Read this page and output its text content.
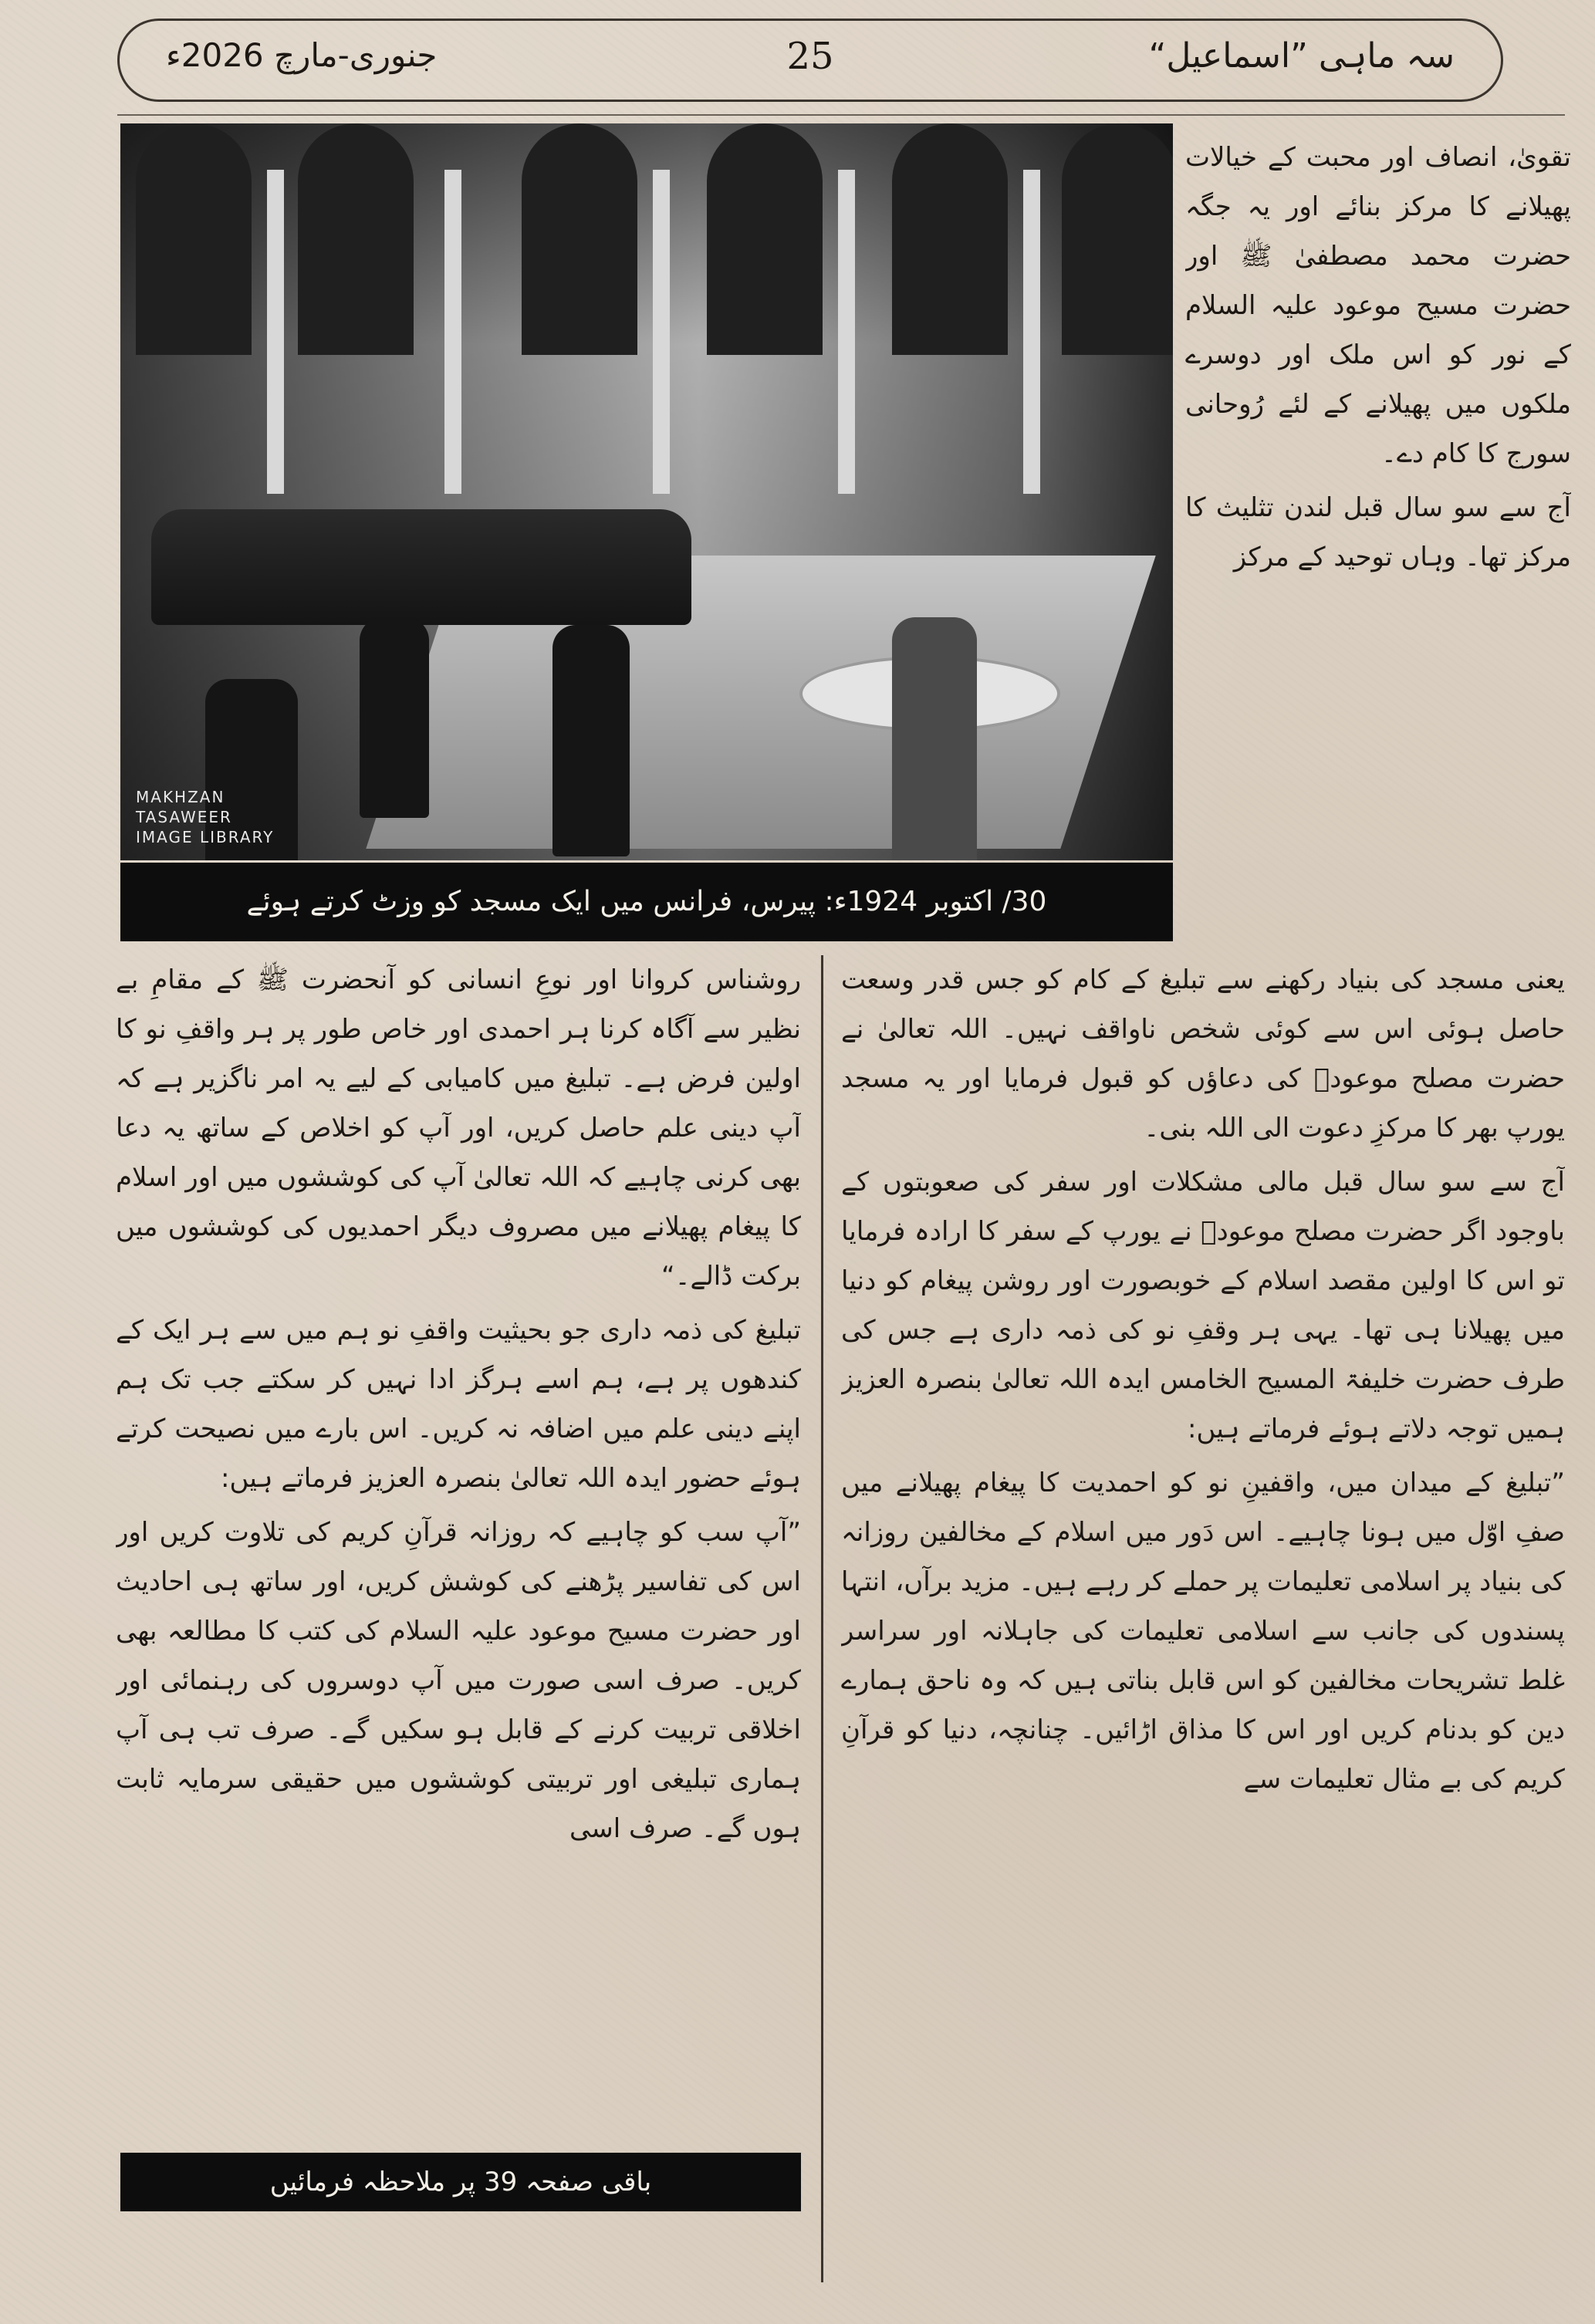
سہ ماہی ”اسماعیل“
25
جنوری-مارچ 2026ء
MAKHZAN
TASAWEER
IMAGE LIBRARY
30/ اکتوبر 1924ء: پیرس، فرانس میں ایک مسجد کو وزٹ کرتے ہوئے

تقویٰ، انصاف اور محبت کے خیالات پھیلانے کا مرکز بنائے اور یہ جگہ حضرت محمد مصطفیٰ ﷺ اور حضرت مسیح موعود علیہ السلام کے نور کو اس ملک اور دوسرے ملکوں میں پھیلانے کے لئے رُوحانی سورج کا کام دے۔

آج سے سو سال قبل لندن تثلیث کا مرکز تھا۔ وہاں توحید کے مرکز

یعنی مسجد کی بنیاد رکھنے سے تبلیغ کے کام کو جس قدر وسعت حاصل ہوئی اس سے کوئی شخص ناواقف نہیں۔ اللہ تعالیٰ نے حضرت مصلح موعودؓ کی دعاؤں کو قبول فرمایا اور یہ مسجد یورپ بھر کا مرکزِ دعوت الی اللہ بنی۔

آج سے سو سال قبل مالی مشکلات اور سفر کی صعوبتوں کے باوجود اگر حضرت مصلح موعودؓ نے یورپ کے سفر کا ارادہ فرمایا تو اس کا اولین مقصد اسلام کے خوبصورت اور روشن پیغام کو دنیا میں پھیلانا ہی تھا۔ یہی ہر وقفِ نو کی ذمہ داری ہے جس کی طرف حضرت خلیفۃ المسیح الخامس ایدہ اللہ تعالیٰ بنصرہ العزیز ہمیں توجہ دلاتے ہوئے فرماتے ہیں:

”تبلیغ کے میدان میں، واقفینِ نو کو احمدیت کا پیغام پھیلانے میں صفِ اوّل میں ہونا چاہیے۔ اس دَور میں اسلام کے مخالفین روزانہ کی بنیاد پر اسلامی تعلیمات پر حملے کر رہے ہیں۔ مزید برآں، انتہا پسندوں کی جانب سے اسلامی تعلیمات کی جاہلانہ اور سراسر غلط تشریحات مخالفین کو اس قابل بناتی ہیں کہ وہ ناحق ہمارے دین کو بدنام کریں اور اس کا مذاق اڑائیں۔ چنانچہ، دنیا کو قرآنِ کریم کی بے مثال تعلیمات سے

روشناس کروانا اور نوعِ انسانی کو آنحضرت ﷺ کے مقامِ بے نظیر سے آگاہ کرنا ہر احمدی اور خاص طور پر ہر واقفِ نو کا اولین فرض ہے۔ تبلیغ میں کامیابی کے لیے یہ امر ناگزیر ہے کہ آپ دینی علم حاصل کریں، اور آپ کو اخلاص کے ساتھ یہ دعا بھی کرنی چاہیے کہ اللہ تعالیٰ آپ کی کوششوں میں اور اسلام کا پیغام پھیلانے میں مصروف دیگر احمدیوں کی کوششوں میں برکت ڈالے۔“

تبلیغ کی ذمہ داری جو بحیثیت واقفِ نو ہم میں سے ہر ایک کے کندھوں پر ہے، ہم اسے ہرگز ادا نہیں کر سکتے جب تک ہم اپنے دینی علم میں اضافہ نہ کریں۔ اس بارے میں نصیحت کرتے ہوئے حضور ایدہ اللہ تعالیٰ بنصرہ العزیز فرماتے ہیں:

”آپ سب کو چاہیے کہ روزانہ قرآنِ کریم کی تلاوت کریں اور اس کی تفاسیر پڑھنے کی کوشش کریں، اور ساتھ ہی احادیث اور حضرت مسیح موعود علیہ السلام کی کتب کا مطالعہ بھی کریں۔ صرف اسی صورت میں آپ دوسروں کی رہنمائی اور اخلاقی تربیت کرنے کے قابل ہو سکیں گے۔ صرف تب ہی آپ ہماری تبلیغی اور تربیتی کوششوں میں حقیقی سرمایہ ثابت ہوں گے۔ صرف اسی

باقی صفحہ 39 پر ملاحظہ فرمائیں
